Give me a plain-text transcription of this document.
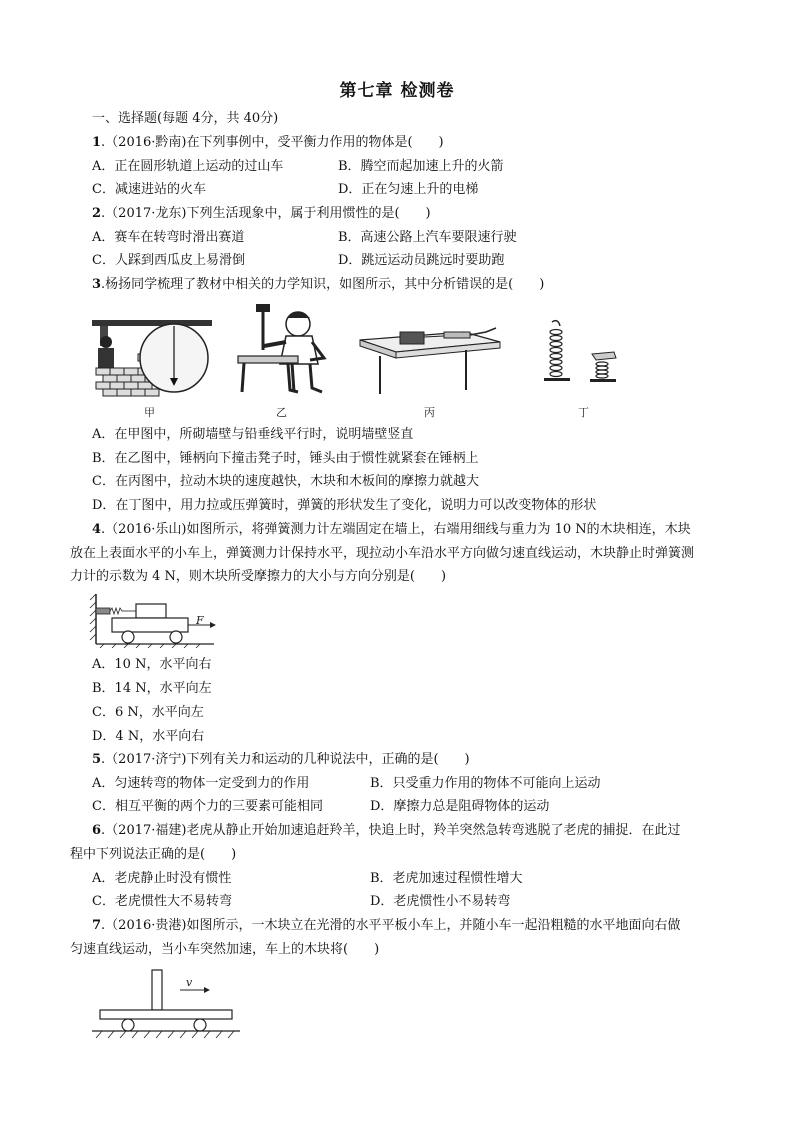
第七章 检测卷
一、选择题(每题 4分，共 40分)
1.（2016·黔南)在下列事例中，受平衡力作用的物体是(　　)
A．正在圆形轨道上运动的过山车	B．腾空而起加速上升的火箭
C．减速进站的火车	D．正在匀速上升的电梯
2.（2017·龙东)下列生活现象中，属于利用惯性的是(　　)
A．赛车在转弯时滑出赛道	B．高速公路上汽车要限速行驶
C．人踩到西瓜皮上易滑倒	D．跳远运动员跳远时要助跑
3.杨扬同学梳理了教材中相关的力学知识，如图所示，其中分析错误的是(　　)
甲	乙	丙	丁
A．在甲图中，所砌墙壁与铅垂线平行时，说明墙壁竖直
B．在乙图中，锤柄向下撞击凳子时，锤头由于惯性就紧套在锤柄上
C．在丙图中，拉动木块的速度越快，木块和木板间的摩擦力就越大
D．在丁图中，用力拉或压弹簧时，弹簧的形状发生了变化，说明力可以改变物体的形状
4.（2016·乐山)如图所示，将弹簧测力计左端固定在墙上，右端用细线与重力为 10 N的木块相连，木块
放在上表面水平的小车上，弹簧测力计保持水平，现拉动小车沿水平方向做匀速直线运动，木块静止时弹簧测
力计的示数为 4 N，则木块所受摩擦力的大小与方向分别是(　　)
F
A．10 N，水平向右
B．14 N，水平向左
C．6 N，水平向左
D．4 N，水平向右
5.（2017·济宁)下列有关力和运动的几种说法中，正确的是(　　)
A．匀速转弯的物体一定受到力的作用	B．只受重力作用的物体不可能向上运动
C．相互平衡的两个力的三要素可能相同	D．摩擦力总是阻碍物体的运动
6.（2017·福建)老虎从静止开始加速追赶羚羊，快追上时，羚羊突然急转弯逃脱了老虎的捕捉．在此过
程中下列说法正确的是(　　)
A．老虎静止时没有惯性	B．老虎加速过程惯性增大
C．老虎惯性大不易转弯	D．老虎惯性小不易转弯
7.（2016·贵港)如图所示，一木块立在光滑的水平平板小车上，并随小车一起沿粗糙的水平地面向右做
匀速直线运动，当小车突然加速，车上的木块将(　　)
v
